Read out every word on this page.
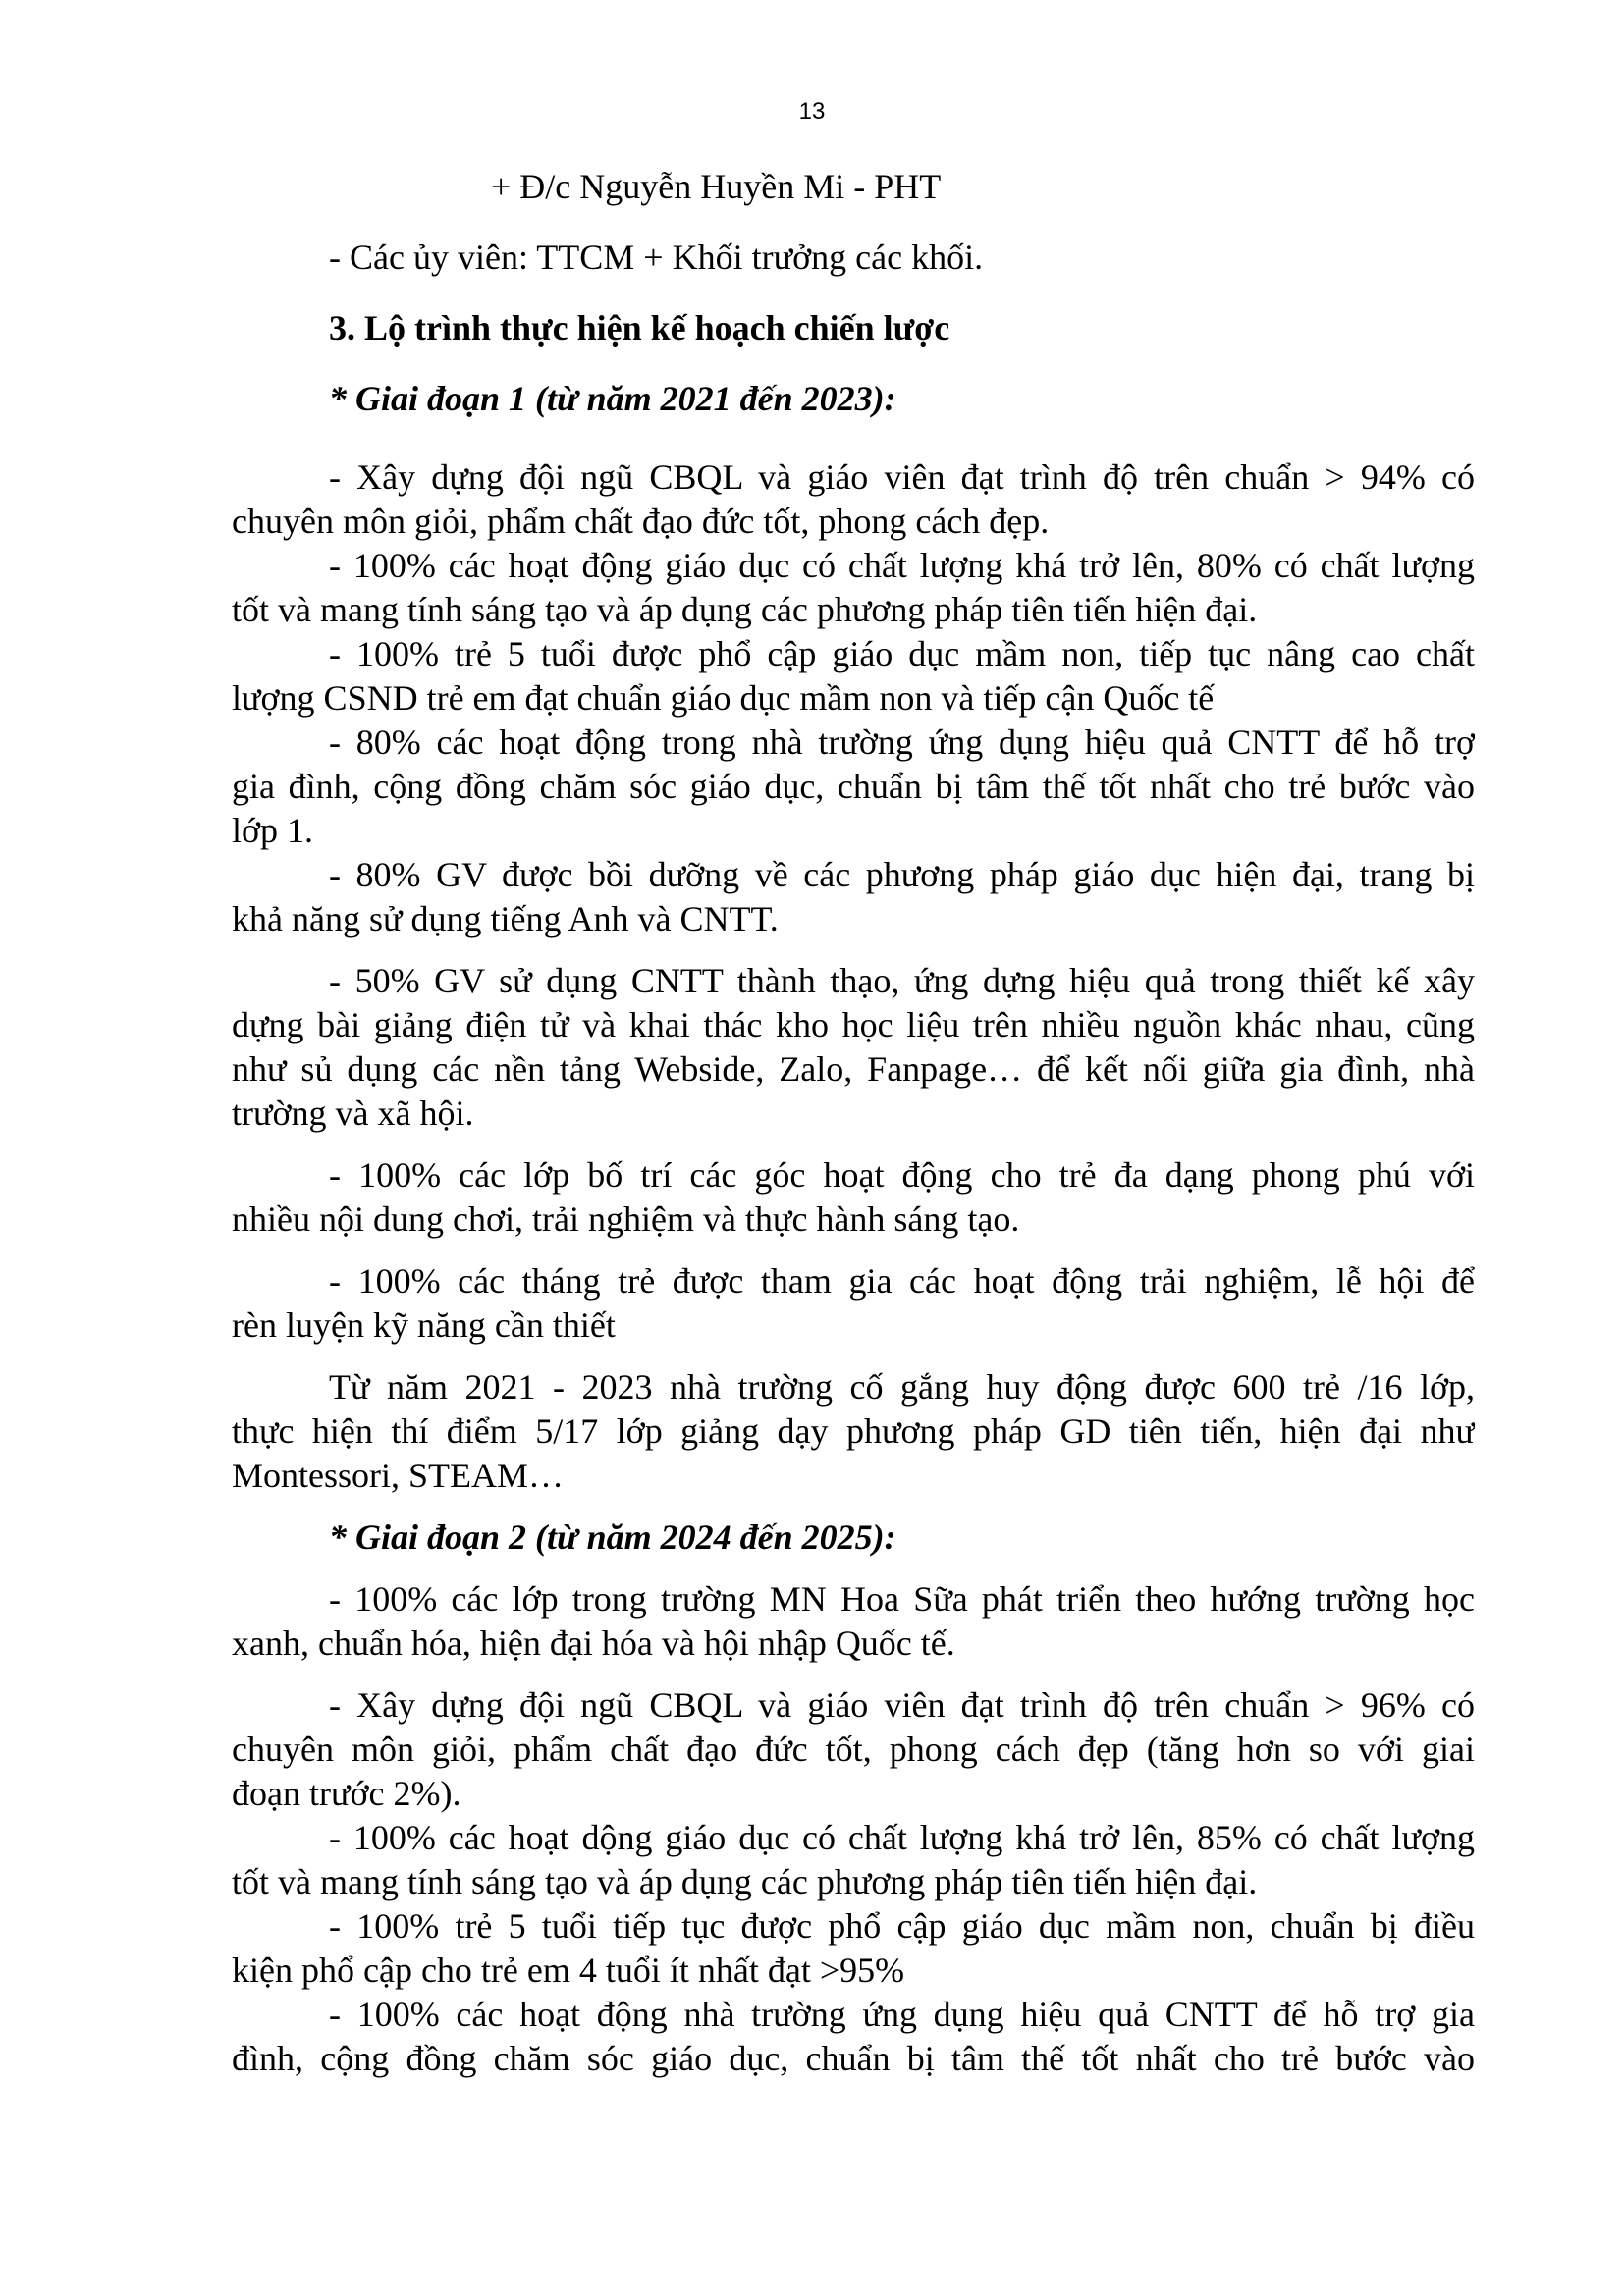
13
+ Đ/c Nguyễn Huyền Mi - PHT
- Các ủy viên: TTCM + Khối trưởng các khối.
3. Lộ trình thực hiện kế hoạch chiến lược
* Giai đoạn 1 (từ năm 2021 đến 2023):
- Xây dựng đội ngũ CBQL và giáo viên đạt trình độ trên chuẩn > 94% có
chuyên môn giỏi, phẩm chất đạo đức tốt, phong cách đẹp.
- 100% các hoạt động giáo dục có chất lượng khá trở lên, 80% có chất lượng
tốt và mang tính sáng tạo và áp dụng các phương pháp tiên tiến hiện đại.
- 100% trẻ 5 tuổi được phổ cập giáo dục mầm non, tiếp tục nâng cao chất
lượng CSND trẻ em đạt chuẩn giáo dục mầm non và tiếp cận Quốc tế
- 80% các hoạt động trong nhà trường ứng dụng hiệu quả CNTT để hỗ trợ
gia đình, cộng đồng chăm sóc giáo dục, chuẩn bị tâm thế tốt nhất cho trẻ bước vào
lớp 1.
- 80% GV được bồi dưỡng về các phương pháp giáo dục hiện đại, trang bị
khả năng sử dụng tiếng Anh và CNTT.
- 50% GV sử dụng CNTT thành thạo, ứng dựng hiệu quả trong thiết kế xây
dựng bài giảng điện tử và khai thác kho học liệu trên nhiều nguồn khác nhau, cũng
như sủ dụng các nền tảng Webside, Zalo, Fanpage… để kết nối giữa gia đình, nhà
trường và xã hội.
- 100% các lớp bố trí các góc hoạt động cho trẻ đa dạng phong phú với
nhiều nội dung chơi, trải nghiệm và thực hành sáng tạo.
- 100% các tháng trẻ được tham gia các hoạt động trải nghiệm, lễ hội để
rèn luyện kỹ năng cần thiết
Từ năm 2021 - 2023 nhà trường cố gắng huy động được 600 trẻ /16 lớp,
thực hiện thí điểm 5/17 lớp giảng dạy phương pháp GD tiên tiến, hiện đại như
Montessori, STEAM…
* Giai đoạn 2 (từ năm 2024 đến 2025):
- 100% các lớp trong trường MN Hoa Sữa phát triển theo hướng trường học
xanh, chuẩn hóa, hiện đại hóa và hội nhập Quốc tế.
- Xây dựng đội ngũ CBQL và giáo viên đạt trình độ trên chuẩn > 96% có
chuyên môn giỏi, phẩm chất đạo đức tốt, phong cách đẹp (tăng hơn so với giai
đoạn trước 2%).
- 100% các hoạt dộng giáo dục có chất lượng khá trở lên, 85% có chất lượng
tốt và mang tính sáng tạo và áp dụng các phương pháp tiên tiến hiện đại.
- 100% trẻ 5 tuổi tiếp tục được phổ cập giáo dục mầm non, chuẩn bị điều
kiện phổ cập cho trẻ em 4 tuổi ít nhất đạt >95%
- 100% các hoạt động nhà trường ứng dụng hiệu quả CNTT để hỗ trợ gia
đình, cộng đồng chăm sóc giáo dục, chuẩn bị tâm thế tốt nhất cho trẻ bước vào
